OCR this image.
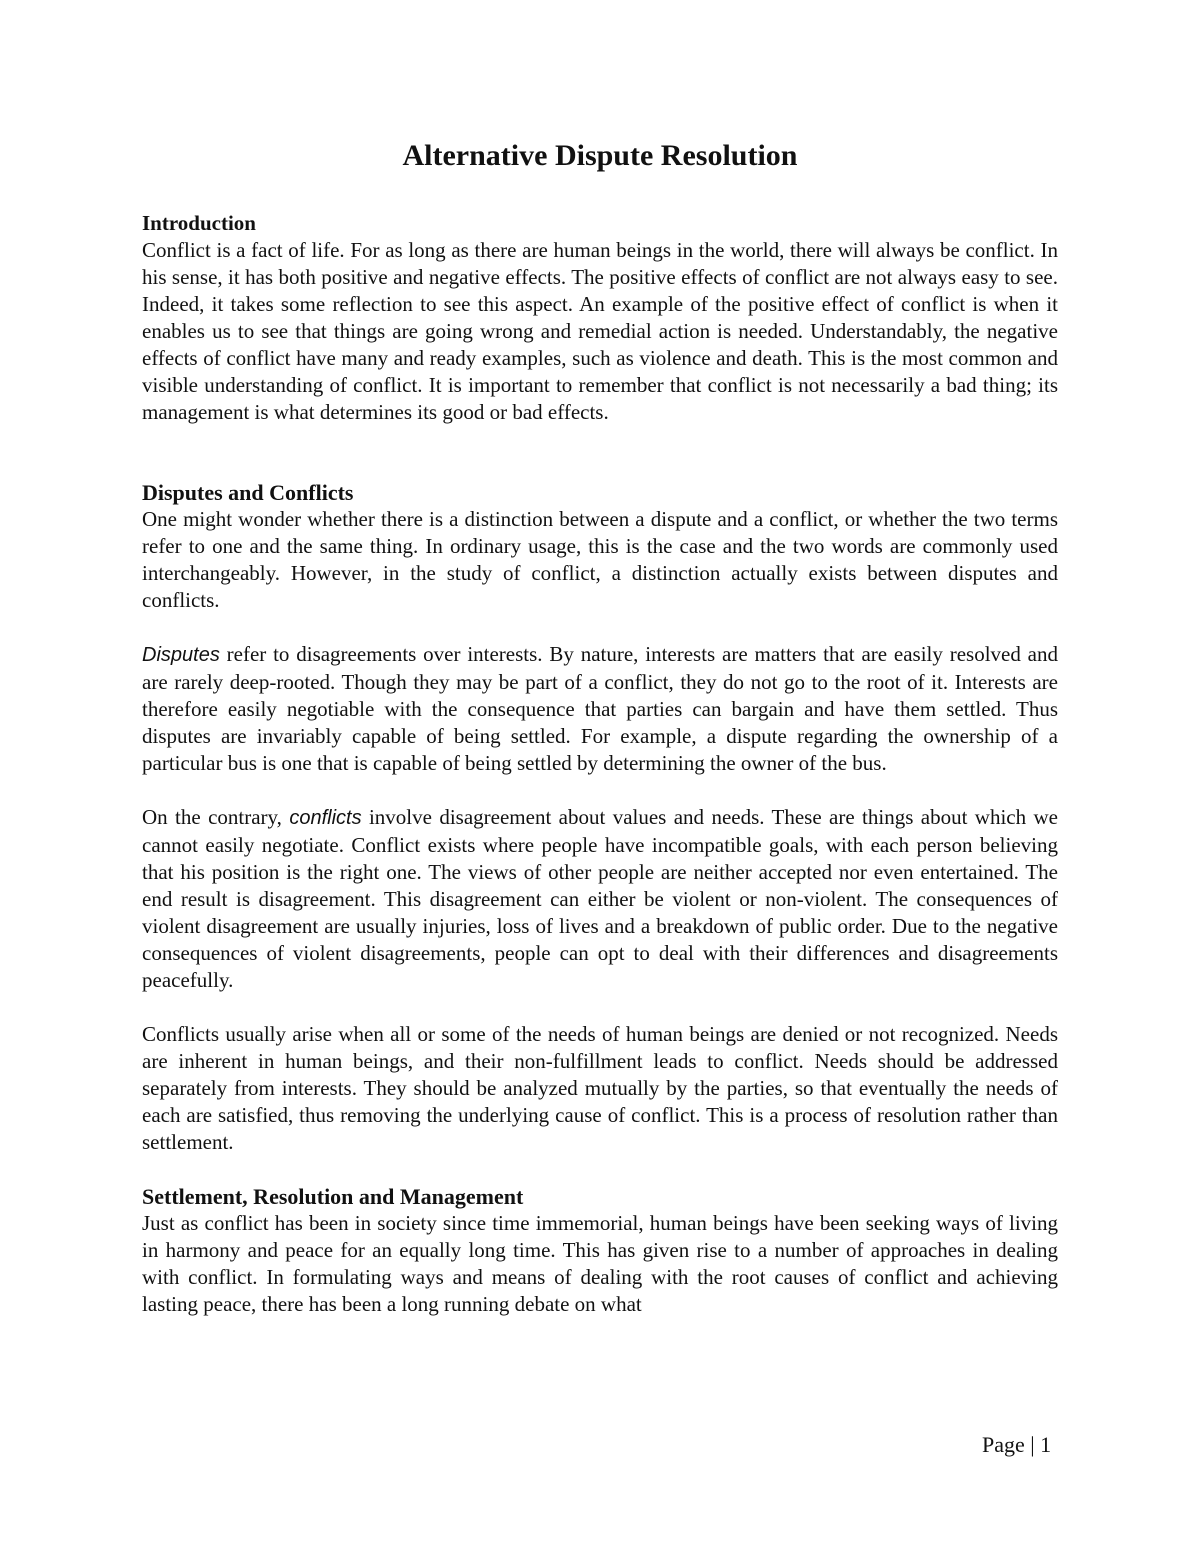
Alternative Dispute Resolution
Introduction

Conflict is a fact of life. For as long as there are human beings in the world, there will always be conflict. In his sense, it has both positive and negative effects. The positive effects of conflict are not always easy to see. Indeed, it takes some reflection to see this aspect. An example of the positive effect of conflict is when it enables us to see that things are going wrong and remedial action is needed. Understandably, the negative effects of conflict have many and ready examples, such as violence and death. This is the most common and visible understanding of conflict. It is important to remember that conflict is not necessarily a bad thing; its management is what determines its good or bad effects.

Disputes and Conflicts

One might wonder whether there is a distinction between a dispute and a conflict, or whether the two terms refer to one and the same thing. In ordinary usage, this is the case and the two words are commonly used interchangeably. However, in the study of conflict, a distinction actually exists between disputes and conflicts.

Disputes refer to disagreements over interests. By nature, interests are matters that are easily resolved and are rarely deep-rooted. Though they may be part of a conflict, they do not go to the root of it. Interests are therefore easily negotiable with the consequence that parties can bargain and have them settled. Thus disputes are invariably capable of being settled. For example, a dispute regarding the ownership of a particular bus is one that is capable of being settled by determining the owner of the bus.

On the contrary, conflicts involve disagreement about values and needs. These are things about which we cannot easily negotiate. Conflict exists where people have incompatible goals, with each person believing that his position is the right one. The views of other people are neither accepted nor even entertained. The end result is disagreement. This disagreement can either be violent or non-violent. The consequences of violent disagreement are usually injuries, loss of lives and a breakdown of public order. Due to the negative consequences of violent disagreements, people can opt to deal with their differences and disagreements peacefully.

Conflicts usually arise when all or some of the needs of human beings are denied or not recognized. Needs are inherent in human beings, and their non-fulfillment leads to conflict. Needs should be addressed separately from interests. They should be analyzed mutually by the parties, so that eventually the needs of each are satisfied, thus removing the underlying cause of conflict. This is a process of resolution rather than settlement.

Settlement, Resolution and Management

Just as conflict has been in society since time immemorial, human beings have been seeking ways of living in harmony and peace for an equally long time. This has given rise to a number of approaches in dealing with conflict. In formulating ways and means of dealing with the root causes of conflict and achieving lasting peace, there has been a long running debate on what

Page | 1
